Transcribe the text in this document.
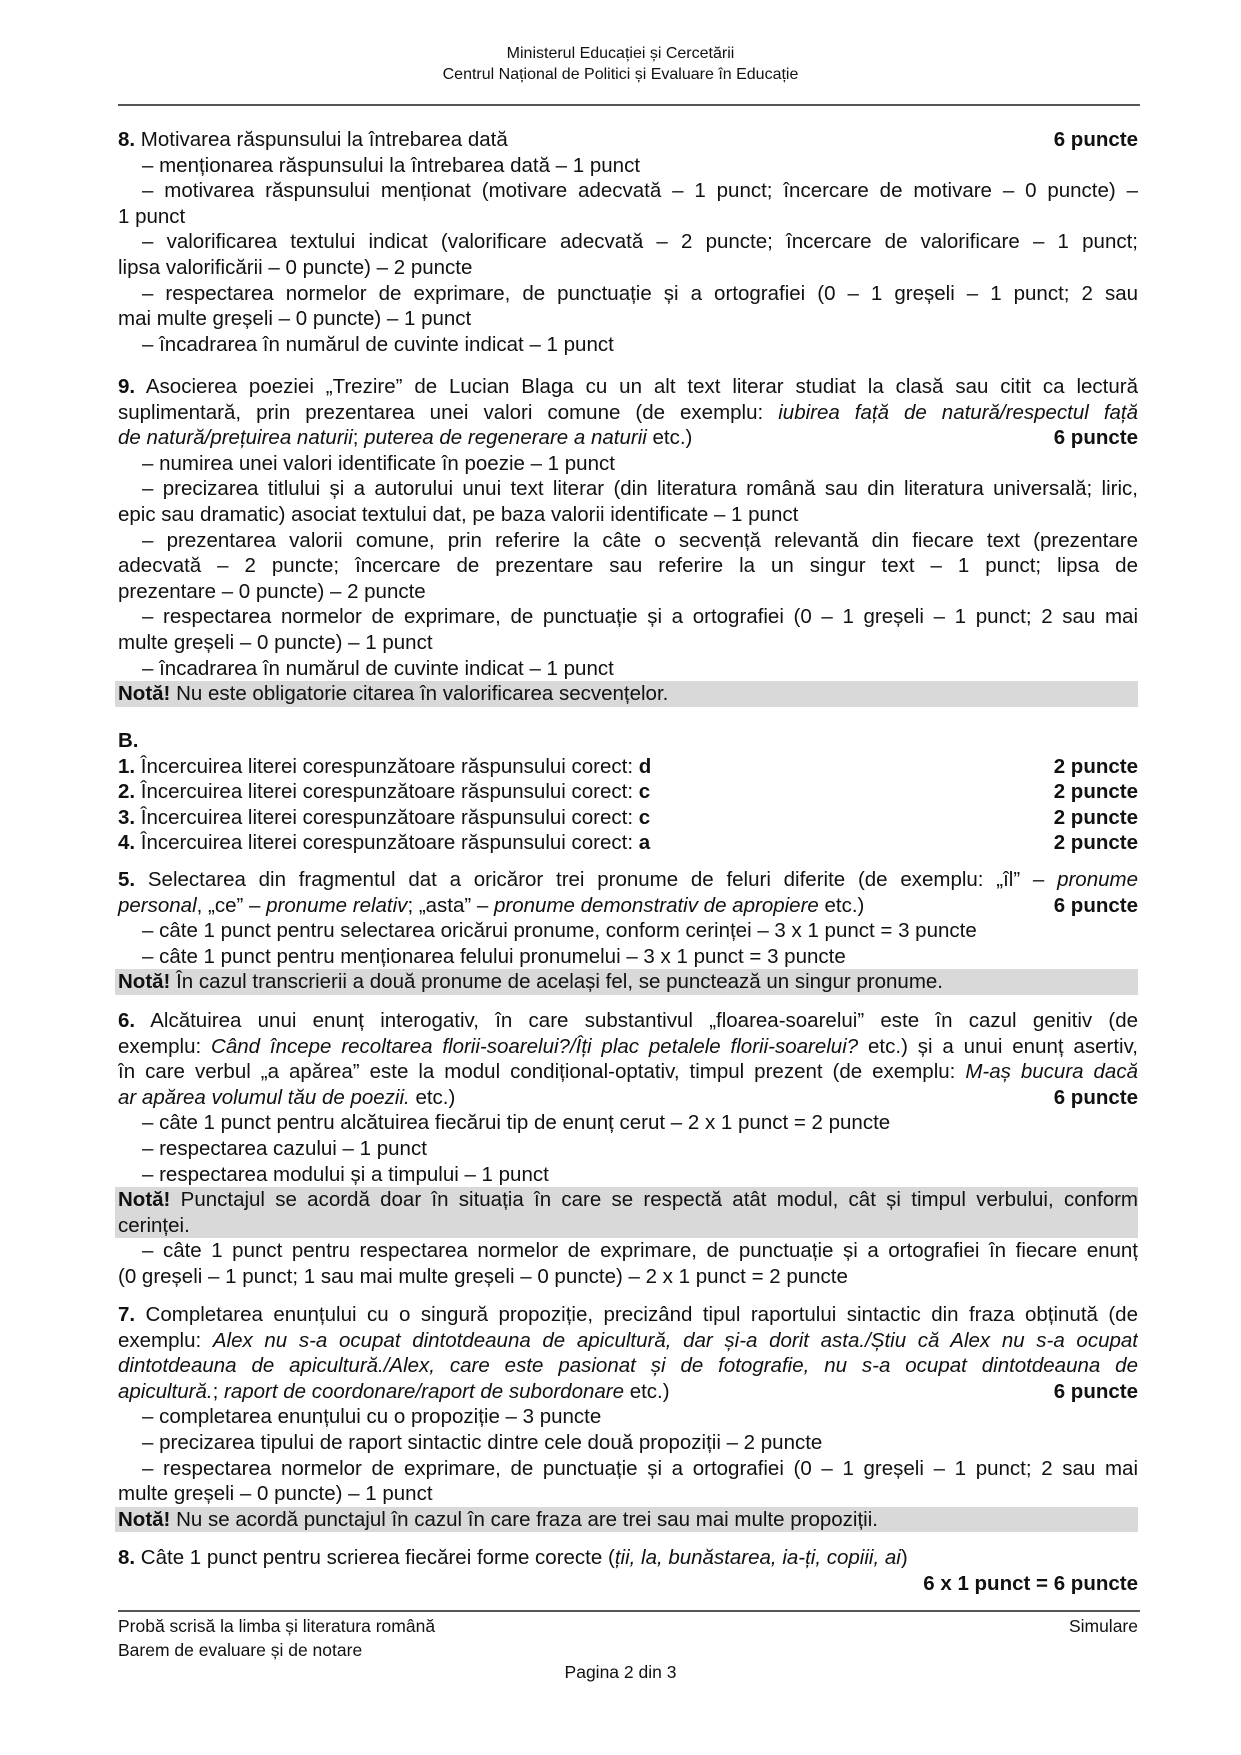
Ministerul Educației și Cercetării
Centrul Național de Politici și Evaluare în Educație
8. Motivarea răspunsului la întrebarea dată	6 puncte
– menționarea răspunsului la întrebarea dată – 1 punct
– motivarea răspunsului menționat (motivare adecvată – 1 punct; încercare de motivare – 0 puncte) –
1 punct
– valorificarea textului indicat (valorificare adecvată – 2 puncte; încercare de valorificare – 1 punct;
lipsa valorificării – 0 puncte) – 2 puncte
– respectarea normelor de exprimare, de punctuație și a ortografiei (0 – 1 greșeli – 1 punct; 2 sau
mai multe greșeli – 0 puncte) – 1 punct
– încadrarea în numărul de cuvinte indicat – 1 punct
9. Asocierea poeziei „Trezire” de Lucian Blaga cu un alt text literar studiat la clasă sau citit ca lectură
suplimentară, prin prezentarea unei valori comune (de exemplu: iubirea față de natură/respectul față
de natură/prețuirea naturii; puterea de regenerare a naturii etc.)	6 puncte
– numirea unei valori identificate în poezie – 1 punct
– precizarea titlului și a autorului unui text literar (din literatura română sau din literatura universală; liric,
epic sau dramatic) asociat textului dat, pe baza valorii identificate – 1 punct
– prezentarea valorii comune, prin referire la câte o secvență relevantă din fiecare text (prezentare
adecvată – 2 puncte; încercare de prezentare sau referire la un singur text – 1 punct; lipsa de
prezentare – 0 puncte) – 2 puncte
– respectarea normelor de exprimare, de punctuație și a ortografiei (0 – 1 greșeli – 1 punct; 2 sau mai
multe greșeli – 0 puncte) – 1 punct
– încadrarea în numărul de cuvinte indicat – 1 punct
Notă! Nu este obligatorie citarea în valorificarea secvențelor.
B.
1. Încercuirea literei corespunzătoare răspunsului corect: d	2 puncte
2. Încercuirea literei corespunzătoare răspunsului corect: c	2 puncte
3. Încercuirea literei corespunzătoare răspunsului corect: c	2 puncte
4. Încercuirea literei corespunzătoare răspunsului corect: a	2 puncte
5. Selectarea din fragmentul dat a oricăror trei pronume de feluri diferite (de exemplu: „îl” – pronume
personal, „ce” – pronume relativ; „asta” – pronume demonstrativ de apropiere etc.)	6 puncte
– câte 1 punct pentru selectarea oricărui pronume, conform cerinței – 3 x 1 punct = 3 puncte
– câte 1 punct pentru menționarea felului pronumelui – 3 x 1 punct = 3 puncte
Notă! În cazul transcrierii a două pronume de același fel, se punctează un singur pronume.
6. Alcătuirea unui enunț interogativ, în care substantivul „floarea-soarelui” este în cazul genitiv (de
exemplu: Când începe recoltarea florii-soarelui?/Îți plac petalele florii-soarelui? etc.) și a unui enunț asertiv,
în care verbul „a apărea” este la modul condițional-optativ, timpul prezent (de exemplu: M-aș bucura dacă
ar apărea volumul tău de poezii. etc.)	6 puncte
– câte 1 punct pentru alcătuirea fiecărui tip de enunț cerut – 2 x 1 punct = 2 puncte
– respectarea cazului – 1 punct
– respectarea modului și a timpului – 1 punct
Notă! Punctajul se acordă doar în situația în care se respectă atât modul, cât și timpul verbului, conform
cerinței.
– câte 1 punct pentru respectarea normelor de exprimare, de punctuație și a ortografiei în fiecare enunț
(0 greșeli – 1 punct; 1 sau mai multe greșeli – 0 puncte) – 2 x 1 punct = 2 puncte
7. Completarea enunțului cu o singură propoziție, precizând tipul raportului sintactic din fraza obținută (de
exemplu: Alex nu s-a ocupat dintotdeauna de apicultură, dar și-a dorit asta./Știu că Alex nu s-a ocupat
dintotdeauna de apicultură./Alex, care este pasionat și de fotografie, nu s-a ocupat dintotdeauna de
apicultură.; raport de coordonare/raport de subordonare etc.)	6 puncte
– completarea enunțului cu o propoziție – 3 puncte
– precizarea tipului de raport sintactic dintre cele două propoziții – 2 puncte
– respectarea normelor de exprimare, de punctuație și a ortografiei (0 – 1 greșeli – 1 punct; 2 sau mai
multe greșeli – 0 puncte) – 1 punct
Notă! Nu se acordă punctajul în cazul în care fraza are trei sau mai multe propoziții.
8. Câte 1 punct pentru scrierea fiecărei forme corecte (ții, la, bunăstarea, ia-ți, copiii, ai)
6 x 1 punct = 6 puncte
Probă scrisă la limba și literatura română
Barem de evaluare și de notare
Simulare
Pagina 2 din 3
